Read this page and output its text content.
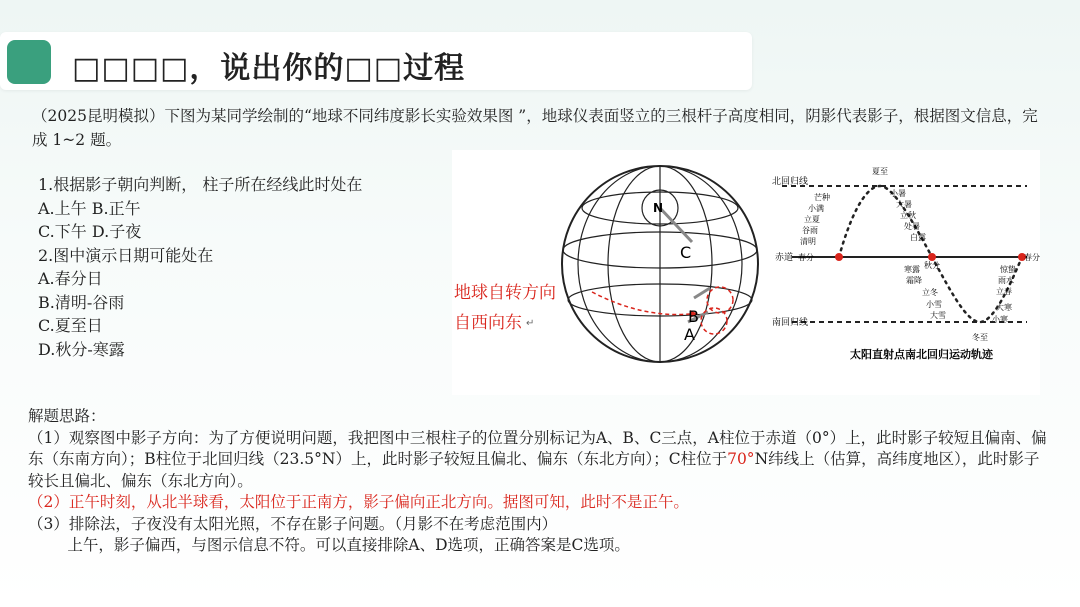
□□□□，说出你的□□过程
（2025昆明模拟）下图为某同学绘制的“地球不同纬度影长实验效果图 ”，地球仪表面竖立的三根杆子高度相同，阴影代表影子，根据图文信息，完成 1~2 题。
1.根据影子朝向判断， 柱子所在经线此时处在
A.上午 B.正午
C.下午 D.子夜
2.图中演示日期可能处在
A.春分日
B.清明-谷雨
C.夏至日
D.秋分-寒露
N
A
B
C
地球自转方向
自西向东 ↵
北回归线
赤道 春分
南回归线
秋分
春分
夏至
冬至
芒种
小满
立夏
谷雨
清明
小暑
大暑
立秋
处暑
白露
寒露
霜降
立冬
小雪
大雪
惊蛰
雨水
立春
大寒
小寒
太阳直射点南北回归运动轨迹
解题思路：
（1）观察图中影子方向：为了方便说明问题，我把图中三根柱子的位置分别标记为A、B、C三点，A柱位于赤道（0°）上，此时影子较短且偏南、偏东（东南方向）；B柱位于北回归线（23.5°N）上，此时影子较短且偏北、偏东（东北方向）；C柱位于70°N纬线上（估算，高纬度地区），此时影子较长且偏北、偏东（东北方向）。
（2）正午时刻，从北半球看，太阳位于正南方，影子偏向正北方向。据图可知，此时不是正午。
（3）排除法，子夜没有太阳光照，不存在影子问题。（月影不在考虑范围内）
上午，影子偏西，与图示信息不符。可以直接排除A、D选项，正确答案是C选项。
